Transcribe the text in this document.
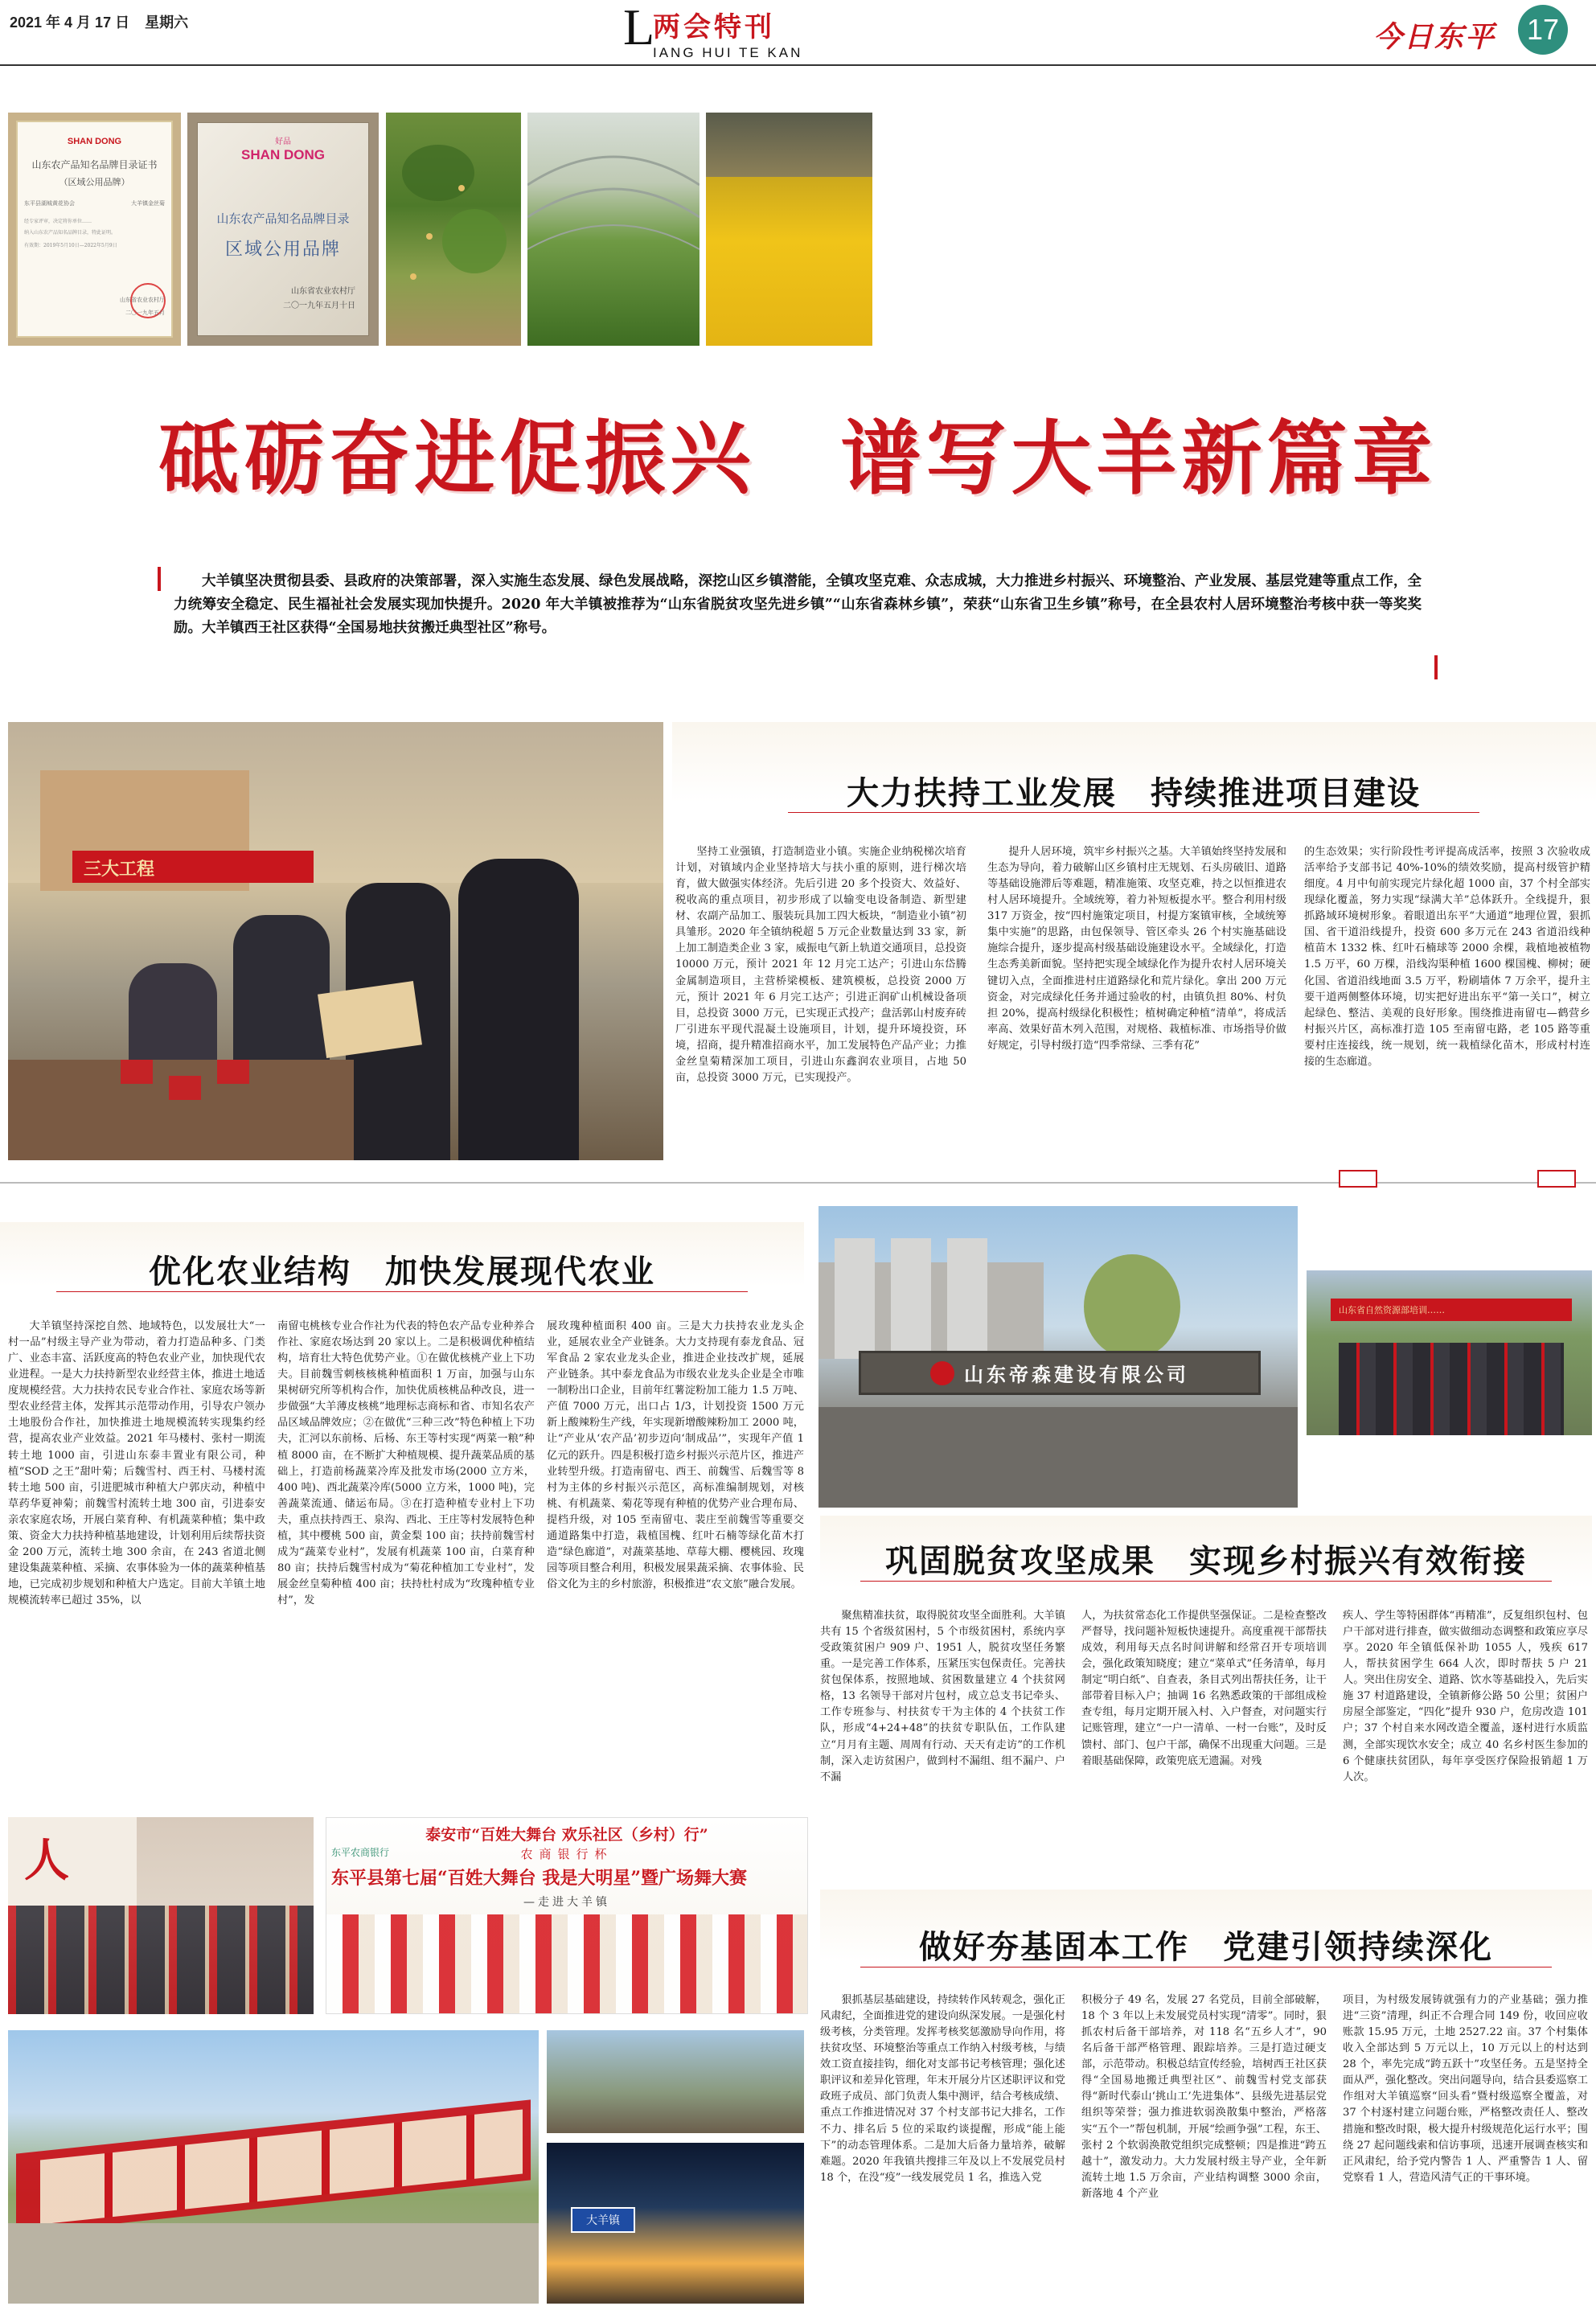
2021 年 4 月 17 日 星期六	L
两会特刊
IANG HUI TE KAN	今日东平 17
SHAN DONG
山东农产品知名品牌目录证书
（区域公用品牌）
东平县湖城黄花协会	大羊镇金丝菊
经专家评审，决定将你单位……
纳入山东农产品知名品牌目录，特此证明。
有效期：2019年5月10日—2022年5月9日
山东省农业农村厅
二〇一九年五月
好品
SHAN DONG
山东农产品知名品牌目录
区域公用品牌
山东省农业农村厅
二〇一九年五月十日
砥砺奋进促振兴　谱写大羊新篇章
大羊镇坚决贯彻县委、县政府的决策部署，深入实施生态发展、绿色发展战略，深挖山区乡镇潜能，全镇攻坚克难、众志成城，大力推进乡村振兴、环境整治、产业发展、基层党建等重点工作，全力统筹安全稳定、民生福祉社会发展实现加快提升。2020 年大羊镇被推荐为“山东省脱贫攻坚先进乡镇”“山东省森林乡镇”，荣获“山东省卫生乡镇”称号，在全县农村人居环境整治考核中获一等奖奖励。大羊镇西王社区获得“全国易地扶贫搬迁典型社区”称号。
三大工程
大力扶持工业发展　持续推进项目建设
坚持工业强镇，打造制造业小镇。实施企业纳税梯次培育计划，对镇域内企业坚持培大与扶小重的原则，进行梯次培育，做大做强实体经济。先后引进 20 多个投资大、效益好、税收高的重点项目，初步形成了以输变电设备制造、新型建材、农副产品加工、服装玩具加工四大板块，“制造业小镇”初具雏形。2020 年全镇纳税超 5 万元企业数量达到 33 家，新上加工制造类企业 3 家，威振电气新上轨道交通项目，总投资 10000 万元，预计 2021 年 12 月完工达产；引进山东岱腾金属制造项目，主营桥梁模板、建筑模板，总投资 2000 万元，预计 2021 年 6 月完工达产；引进正润矿山机械设备项目，总投资 3000 万元，已实现正式投产；盘活郭山村废弃砖厂引进东平现代混凝土设施项目，计划，提升环境投资，环境，招商，提升精准招商水平，加工发展特色产品产业；力推金丝皇菊精深加工项目，引进山东鑫润农业项目，占地 50 亩，总投资 3000 万元，已实现投产。
提升人居环境，筑牢乡村振兴之基。大羊镇始终坚持发展和生态为导向，着力破解山区乡镇村庄无规划、石头房破旧、道路等基础设施滞后等难题，精准施策、攻坚克难，持之以恒推进农村人居环境提升。全域统筹，着力补短板提水平。整合利用村级 317 万资金，按“四村施策定项目，村提方案镇审核，全域统筹集中实施”的思路，由包保领导、管区牵头 26 个村实施基础设施综合提升，逐步提高村级基础设施建设水平。全域绿化，打造生态秀美新面貌。坚持把实现全域绿化作为提升农村人居环境关键切入点，全面推进村庄道路绿化和荒片绿化。拿出 200 万元资金，对完成绿化任务并通过验收的村，由镇负担 80%、村负担 20%，提高村级绿化积极性；植树确定种植“清单”，将成活率高、效果好苗木列入范围，对规格、栽植标准、市场指导价做好规定，引导村级打造“四季常绿、三季有花”
的生态效果；实行阶段性考评提高成活率，按照 3 次验收成活率给予支部书记 40%-10%的绩效奖励，提高村级管护精细度。4 月中旬前实现完片绿化超 1000 亩，37 个村全部实现绿化覆盖，努力实现“绿满大羊”总体跃升。全线提升，狠抓路域环境树形象。着眼道出东平“大通道”地理位置，狠抓国、省干道沿线提升，投资 600 多万元在 243 省道沿线种植苗木 1332 株、红叶石楠球等 2000 余棵，栽植地被植物 1.5 万平，60 万棵，沿线沟渠种植 1600 棵国槐、柳树；硬化国、省道沿线地面 3.5 万平，粉刷墙体 7 万余平，提升主要干道两侧整体环境，切实把好进出东平“第一关口”，树立起绿色、整洁、美观的良好形象。围绕推进南留屯—鹤营乡村振兴片区，高标准打造 105 至南留屯路，老 105 路等重要村庄连接线，统一规划，统一栽植绿化苗木，形成村村连接的生态廊道。
优化农业结构　加快发展现代农业
大羊镇坚持深挖自然、地域特色，以发展壮大“一村一品”村级主导产业为带动，着力打造品种多、门类广、业态丰富、活跃度高的特色农业产业，加快现代农业进程。一是大力扶持新型农业经营主体，推进土地适度规模经营。大力扶持农民专业合作社、家庭农场等新型农业经营主体，发挥其示范带动作用，引导农户领办土地股份合作社，加快推进土地规模流转实现集约经营，提高农业产业效益。2021 年马楼村、张村一期流转土地 1000 亩，引进山东泰丰置业有限公司，种植“SOD 之王”甜叶菊；后魏雪村、西王村、马楼村流转土地 500 亩，引进肥城市种植大户郭庆动，种植中草药华夏神菊；前魏雪村流转土地 300 亩，引进泰安亲农家庭农场，开展白菜育种、有机蔬菜种植；集中政策、资金大力扶持种植基地建设，计划利用后续帮扶资金 200 万元，流转土地 300 余亩，在 243 省道北侧建设集蔬菜种植、采摘、农事体验为一体的蔬菜种植基地，已完成初步规划和种植大户选定。目前大羊镇土地规模流转率已超过 35%，以
南留屯桃核专业合作社为代表的特色农产品专业种养合作社、家庭农场达到 20 家以上。二是积极调优种植结构，培育壮大特色优势产业。①在做优核桃产业上下功夫。目前魏雪刺核核桃种植面积 1 万亩，加强与山东果树研究所等机构合作，加快优质核桃品种改良，进一步做强“大羊薄皮核桃”地理标志商标和省、市知名农产品区域品牌效应；②在做优“三种三改”特色种植上下功夫，汇河以东前杨、后杨、东王等村实现“两菜一粮”种植 8000 亩，在不断扩大种植规模、提升蔬菜品质的基础上，打造前杨蔬菜冷库及批发市场(2000 立方米，400 吨)、西北蔬菜冷库(5000 立方米，1000 吨)，完善蔬菜流通、储运布局。③在打造种植专业村上下功夫，重点扶持西王、泉沟、西北、王庄等村发展特色种植，其中樱桃 500 亩，黄金梨 100 亩；扶持前魏雪村成为“蔬菜专业村”，发展有机蔬菜 100 亩，白菜育种 80 亩；扶持后魏雪村成为“菊花种植加工专业村”，发展金丝皇菊种植 400 亩；扶持杜村成为“玫瑰种植专业村”，发
展玫瑰种植面积 400 亩。三是大力扶持农业龙头企业，延展农业全产业链条。大力支持现有泰龙食品、冠军食品 2 家农业龙头企业，推进企业技改扩规，延展产业链条。其中泰龙食品为市级农业龙头企业是全市唯一制粉出口企业，目前年红薯淀粉加工能力 1.5 万吨、产值 7000 万元，出口占 1/3，计划投资 1500 万元新上酸辣粉生产线，年实现新增酸辣粉加工 2000 吨，让“产业从‘农产品’初步迈向‘制成品’”，实现年产值 1 亿元的跃升。四是积极打造乡村振兴示范片区，推进产业转型升级。打造南留屯、西王、前魏雪、后魏雪等 8 村为主体的乡村振兴示范区，高标准编制规划，对核桃、有机蔬菜、菊花等现有种植的优势产业合理布局、提档升级，对 105 至南留屯、裴庄至前魏雪等重要交通道路集中打造，栽植国槐、红叶石楠等绿化苗木打造“绿色廊道”，对蔬菜基地、草莓大棚、樱桃园、玫瑰园等项目整合利用，积极发展果蔬采摘、农事体验、民俗文化为主的乡村旅游，积极推进“农文旅”融合发展。
山东帝森建设有限公司
山东省自然资源部培训……
巩固脱贫攻坚成果　实现乡村振兴有效衔接
聚焦精准扶贫，取得脱贫攻坚全面胜利。大羊镇共有 15 个省级贫困村，5 个市级贫困村，系统内享受政策贫困户 909 户、1951 人，脱贫攻坚任务繁重。一是完善工作体系，压紧压实包保责任。完善扶贫包保体系，按照地域、贫困数量建立 4 个扶贫网格，13 名领导干部对片包村，成立总支书记牵头、工作专班参与、村扶贫专干为主体的 4 个扶贫工作队，形成“4+24+48”的扶贫专职队伍，工作队建立“月月有主题、周周有行动、天天有走访”的工作机制，深入走访贫困户，做到村不漏组、组不漏户、户不漏
人，为扶贫常态化工作提供坚强保证。二是检查整改严督导，找问题补短板快速提升。高度重视干部帮扶成效，利用每天点名时间讲解和经常召开专项培训会，强化政策知晓度；建立“菜单式”任务清单，每月制定“明白纸”、自查表，条目式列出帮扶任务，让干部带着目标入户；抽调 16 名熟悉政策的干部组成检查专组，每月定期开展入村、入户督查，对问题实行记账管理，建立“一户一清单、一村一台账”，及时反馈村、部门、包户干部，确保不出现重大问题。三是着眼基础保障，政策兜底无遗漏。对残
疾人、学生等特困群体“再精准”，反复组织包村、包户干部对进行排查，做实做细动态调整和政策应享尽享。2020 年全镇低保补助 1055 人，残疾 617 人，帮扶贫困学生 664 人次，即时帮扶 5 户 21 人。突出住房安全、道路、饮水等基础投入，先后实施 37 村道路建设，全镇新修公路 50 公里；贫困户房屋全部鉴定，“四化”提升 930 户，危房改造 101 户；37 个村自来水网改造全覆盖，逐村进行水质监测，全部实现饮水安全；成立 40 名乡村医生参加的 6 个健康扶贫团队，每年享受医疗保险报销超 1 万人次。
人	泰安市“百姓大舞台 欢乐社区（乡村）行”
东平农商银行	农商银行杯
东平县第七届“百姓大舞台 我是大明星”暨广场舞大赛
—走进大羊镇
大羊镇
做好夯基固本工作　党建引领持续深化
狠抓基层基础建设，持续转作风转观念，强化正风肃纪，全面推进党的建设向纵深发展。一是强化村级考核，分类管理。发挥考核奖惩激励导向作用，将扶贫攻坚、环境整治等重点工作纳入村级考核，与绩效工资直接挂钩，细化对支部书记考核管理；强化述职评议和差异化管理，年末开展分片区述职评议和党政班子成员、部门负责人集中测评，结合考核成绩、重点工作推进情况对 37 个村支部书记大排名，工作不力、排名后 5 位的采取约谈提醒，形成“能上能下”的动态管理体系。二是加大后备力量培养，破解难题。2020 年我镇共搜排三年及以上不发展党员村 18 个，在没“疫”一线发展党员 1 名，推选入党
积极分子 49 名，发展 27 名党员，目前全部破解，18 个 3 年以上未发展党员村实现“清零”。同时，狠抓农村后备干部培养，对 118 名“五乡人才”，90 名后备干部严格管理、跟踪培养。三是打造过硬支部，示范带动。积极总结宣传经验，培树西王社区获得“全国易地搬迁典型社区”、前魏雪村党支部获得“新时代泰山‘挑山工’先进集体”、县级先进基层党组织等荣誉；强力推进软弱涣散集中整治，严格落实“五个一”帮包机制，开展“绘画争强”工程，东王、张村 2 个软弱涣散党组织完成整顿；四是推进“跨五越十”，激发动力。大力发展村级主导产业，全年新流转土地 1.5 万余亩，产业结构调整 3000 余亩，新落地 4 个产业
项目，为村级发展铸就强有力的产业基础；强力推进“三资”清理，纠正不合理合同 149 份，收回应收账款 15.95 万元，土地 2527.22 亩。37 个村集体收入全部达到 5 万元以上，10 万元以上的村达到 28 个，率先完成“跨五跃十”攻坚任务。五是坚持全面从严，强化整改。突出问题导向，结合县委巡察工作组对大羊镇巡察“回头看”暨村级巡察全覆盖，对 37 个村逐村建立问题台账，严格整改责任人、整改措施和整改时限，极大提升村级规范化运行水平；围绕 27 起问题线索和信访事项，迅速开展调查核实和正风肃纪，给予党内警告 1 人、严重警告 1 人、留党察看 1 人，营造风清气正的干事环境。
